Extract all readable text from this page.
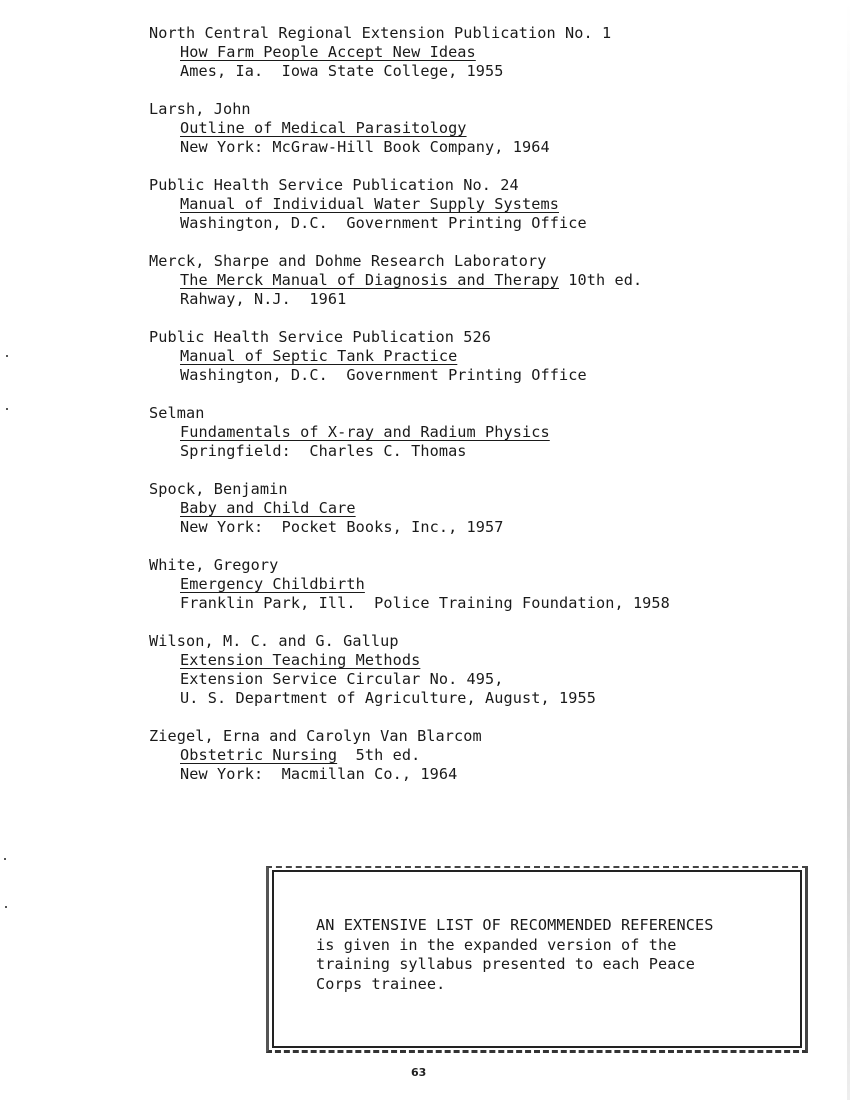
North Central Regional Extension Publication No. 1
How Farm People Accept New Ideas
Ames, Ia.  Iowa State College, 1955
Larsh, John
Outline of Medical Parasitology
New York: McGraw-Hill Book Company, 1964
Public Health Service Publication No. 24
Manual of Individual Water Supply Systems
Washington, D.C.  Government Printing Office
Merck, Sharpe and Dohme Research Laboratory
The Merck Manual of Diagnosis and Therapy 10th ed.
Rahway, N.J.  1961
Public Health Service Publication 526
Manual of Septic Tank Practice
Washington, D.C.  Government Printing Office
Selman
Fundamentals of X-ray and Radium Physics
Springfield:  Charles C. Thomas
Spock, Benjamin
Baby and Child Care
New York:  Pocket Books, Inc., 1957
White, Gregory
Emergency Childbirth
Franklin Park, Ill.  Police Training Foundation, 1958
Wilson, M. C. and G. Gallup
Extension Teaching Methods
Extension Service Circular No. 495,
U. S. Department of Agriculture, August, 1955
Ziegel, Erna and Carolyn Van Blarcom
Obstetric Nursing  5th ed.
New York:  Macmillan Co., 1964
AN EXTENSIVE LIST OF RECOMMENDED REFERENCES
is given in the expanded version of the
training syllabus presented to each Peace
Corps trainee.
63
